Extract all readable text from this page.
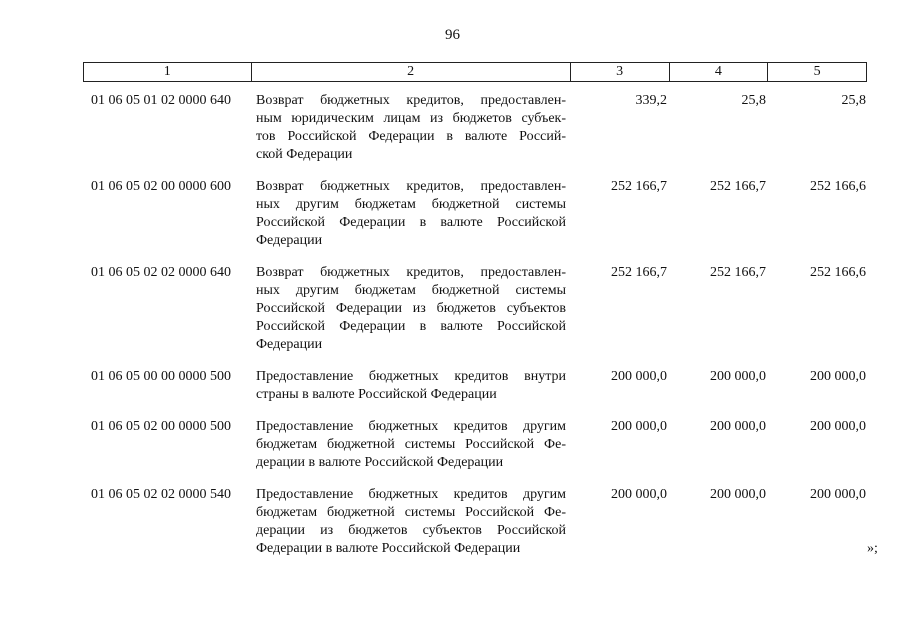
96
1	2	3	4	5
01 06 05 01 02 0000 640 Возврат бюджетных кредитов, предоставлен-
ным юридическим лицам из бюджетов субъек-
тов Российской Федерации в валюте Россий-
ской Федерации
339,2	25,8	25,8
01 06 05 02 00 0000 600 Возврат бюджетных кредитов, предоставлен-
ных другим бюджетам бюджетной системы
Российской Федерации в валюте Российской
Федерации
252 166,7	252 166,7	252 166,6
01 06 05 02 02 0000 640 Возврат бюджетных кредитов, предоставлен-
ных другим бюджетам бюджетной системы
Российской Федерации из бюджетов субъектов
Российской Федерации в валюте Российской
Федерации
252 166,7	252 166,7	252 166,6
01 06 05 00 00 0000 500 Предоставление бюджетных кредитов внутри
страны в валюте Российской Федерации
200 000,0	200 000,0	200 000,0
01 06 05 02 00 0000 500 Предоставление бюджетных кредитов другим
бюджетам бюджетной системы Российской Фе-
дерации в валюте Российской Федерации
200 000,0	200 000,0	200 000,0
01 06 05 02 02 0000 540 Предоставление бюджетных кредитов другим
бюджетам бюджетной системы Российской Фе-
дерации из бюджетов субъектов Российской
Федерации в валюте Российской Федерации
200 000,0	200 000,0	200 000,0
»;
